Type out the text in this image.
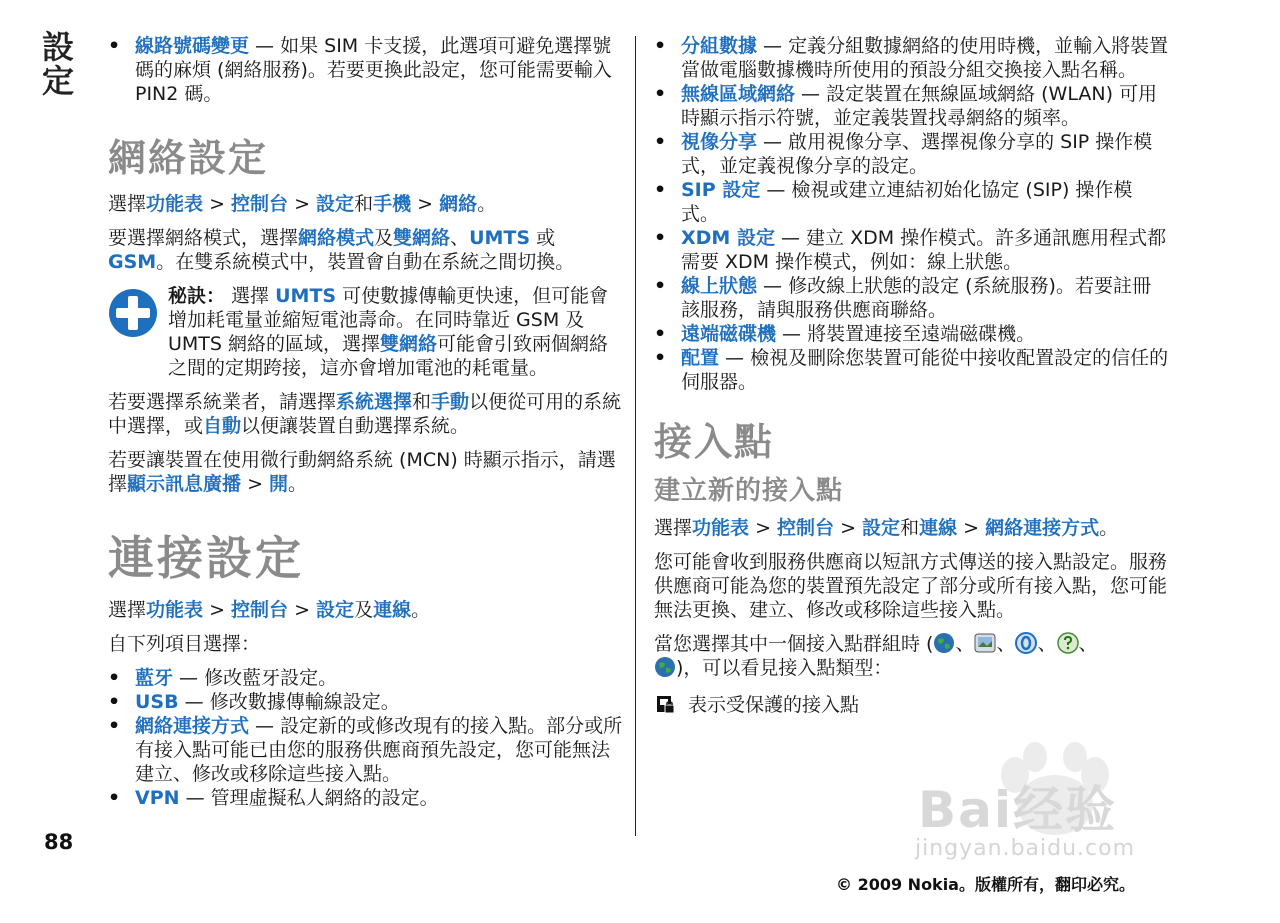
設定
88
• 線路號碼變更 — 如果 SIM 卡支援，此選項可避免選擇號碼的麻煩 (網絡服務)。若要更換此設定，您可能需要輸入 PIN2 碼。
網絡設定

選擇功能表 > 控制台 > 設定和手機 > 網絡。

要選擇網絡模式，選擇網絡模式及雙網絡、UMTS 或 GSM。在雙系統模式中，裝置會自動在系統之間切換。

秘訣： 選擇 UMTS 可使數據傳輸更快速，但可能會增加耗電量並縮短電池壽命。在同時靠近 GSM 及 UMTS 網絡的區域，選擇雙網絡可能會引致兩個網絡之間的定期跨接，這亦會增加電池的耗電量。

若要選擇系統業者，請選擇系統選擇和手動以便從可用的系統中選擇，或自動以便讓裝置自動選擇系統。

若要讓裝置在使用微行動網絡系統 (MCN) 時顯示指示，請選擇顯示訊息廣播 > 開。

連接設定

選擇功能表 > 控制台 > 設定及連線。

自下列項目選擇：

• 藍牙 — 修改藍牙設定。
• USB — 修改數據傳輸線設定。
• 網絡連接方式 — 設定新的或修改現有的接入點。部分或所有接入點可能已由您的服務供應商預先設定，您可能無法建立、修改或移除這些接入點。
• VPN — 管理虛擬私人網絡的設定。
• 分組數據 — 定義分組數據網絡的使用時機，並輸入將裝置當做電腦數據機時所使用的預設分組交換接入點名稱。
• 無線區域網絡 — 設定裝置在無線區域網絡 (WLAN) 可用時顯示指示符號，並定義裝置找尋網絡的頻率。
• 視像分享 — 啟用視像分享、選擇視像分享的 SIP 操作模式，並定義視像分享的設定。
• SIP 設定 — 檢視或建立連結初始化協定 (SIP) 操作模式。
• XDM 設定 — 建立 XDM 操作模式。許多通訊應用程式都需要 XDM 操作模式，例如：線上狀態。
• 線上狀態 — 修改線上狀態的設定 (系統服務)。若要註冊該服務，請與服務供應商聯絡。
• 遠端磁碟機 — 將裝置連接至遠端磁碟機。
• 配置 — 檢視及刪除您裝置可能從中接收配置設定的信任的伺服器。
接入點
建立新的接入點

選擇功能表 > 控制台 > 設定和連線 > 網絡連接方式。

您可能會收到服務供應商以短訊方式傳送的接入點設定。服務供應商可能為您的裝置預先設定了部分或所有接入點，您可能無法更換、建立、修改或移除這些接入點。

當您選擇其中一個接入點群組時 ( 、 、 、 、
)，可以看見接入點類型：

表示受保護的接入點
Bai经验
jingyan.baidu.com
© 2009 Nokia。版權所有，翻印必究。
